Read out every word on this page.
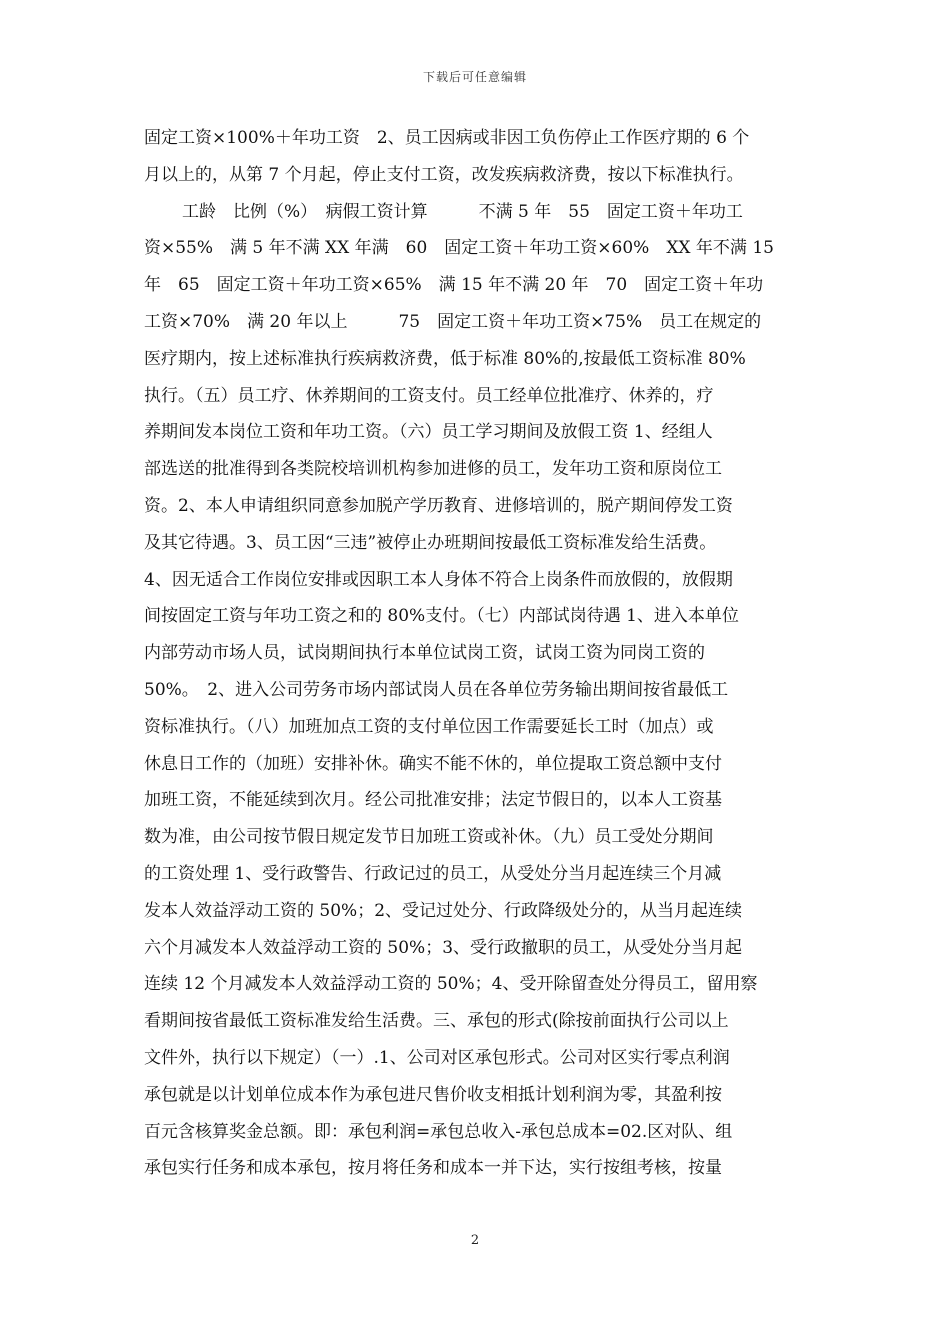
下载后可任意编辑
固定工资×100%＋年功工资　2、员工因病或非因工负伤停止工作医疗期的 6 个
月以上的，从第 7 个月起，停止支付工资，改发疾病救济费，按以下标准执行。
工龄　比例（%）　病假工资计算　　　不满 5 年　55　固定工资＋年功工
资×55%　满 5 年不满 XX 年满　60　固定工资＋年功工资×60%　XX 年不满 15
年　65　固定工资＋年功工资×65%　满 15 年不满 20 年　70　固定工资＋年功
工资×70%　满 20 年以上　　　75　固定工资＋年功工资×75%　员工在规定的
医疗期内，按上述标准执行疾病救济费，低于标准 80%的,按最低工资标准 80%
执行。（五）员工疗、休养期间的工资支付。员工经单位批准疗、休养的，疗
养期间发本岗位工资和年功工资。（六）员工学习期间及放假工资 1、经组人
部选送的批准得到各类院校培训机构参加进修的员工，发年功工资和原岗位工
资。2、本人申请组织同意参加脱产学历教育、进修培训的，脱产期间停发工资
及其它待遇。3、员工因“三违”被停止办班期间按最低工资标准发给生活费。
4、因无适合工作岗位安排或因职工本人身体不符合上岗条件而放假的，放假期
间按固定工资与年功工资之和的 80%支付。（七）内部试岗待遇 1、进入本单位
内部劳动市场人员，试岗期间执行本单位试岗工资，试岗工资为同岗工资的
50%。　2、进入公司劳务市场内部试岗人员在各单位劳务输出期间按省最低工
资标准执行。（八）加班加点工资的支付单位因工作需要延长工时（加点）或
休息日工作的（加班）安排补休。确实不能不休的，单位提取工资总额中支付
加班工资，不能延续到次月。经公司批准安排；法定节假日的，以本人工资基
数为准，由公司按节假日规定发节日加班工资或补休。（九）员工受处分期间
的工资处理 1、受行政警告、行政记过的员工，从受处分当月起连续三个月减
发本人效益浮动工资的 50%；2、受记过处分、行政降级处分的，从当月起连续
六个月减发本人效益浮动工资的 50%；3、受行政撤职的员工，从受处分当月起
连续 12 个月减发本人效益浮动工资的 50%；4、受开除留查处分得员工，留用察
看期间按省最低工资标准发给生活费。三、承包的形式(除按前面执行公司以上
文件外，执行以下规定）（一）.1、公司对区承包形式。公司对区实行零点利润
承包就是以计划单位成本作为承包进尺售价收支相抵计划利润为零，其盈利按
百元含核算奖金总额。即：承包利润=承包总收入-承包总成本=02.区对队、组
承包实行任务和成本承包，按月将任务和成本一并下达，实行按组考核，按量
2
